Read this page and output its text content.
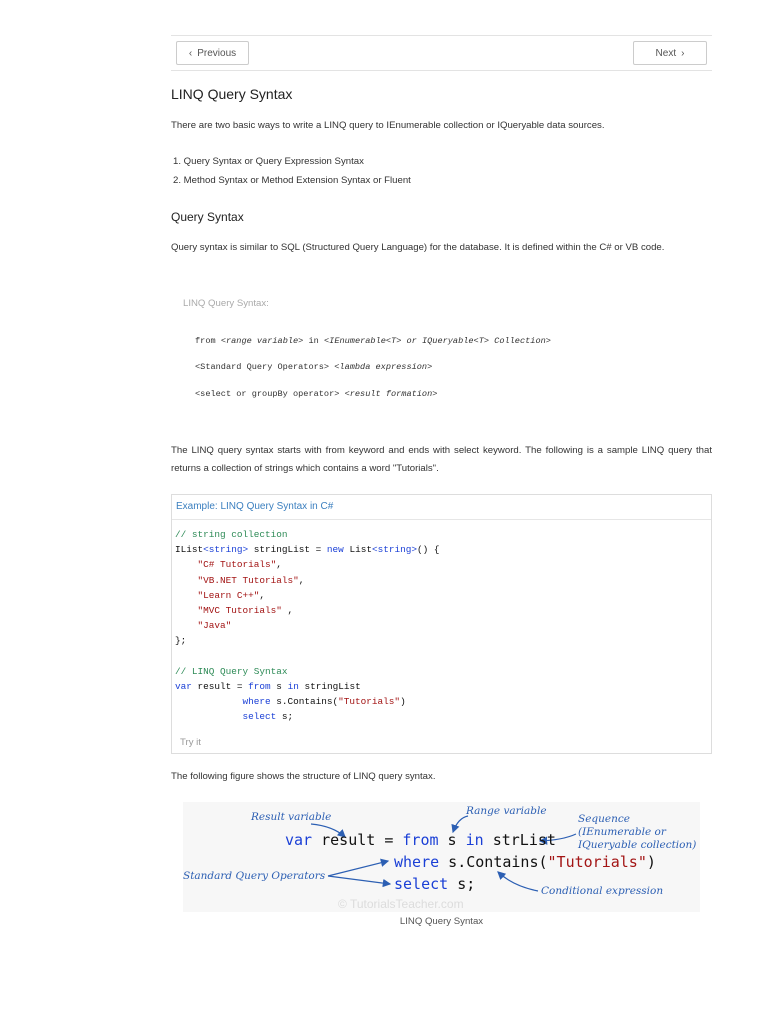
‹ Previous	Next ›
LINQ Query Syntax

There are two basic ways to write a LINQ query to IEnumerable collection or IQueryable data sources.

1. Query Syntax or Query Expression Syntax
2. Method Syntax or Method Extension Syntax or Fluent
Query Syntax

Query syntax is similar to SQL (Structured Query Language) for the database. It is defined within the C# or VB code.

LINQ Query Syntax:
from <range variable> in <IEnumerable<T> or IQueryable<T> Collection>
<Standard Query Operators> <lambda expression>
<select or groupBy operator> <result formation>

The LINQ query syntax starts with from keyword and ends with select keyword. The following is a sample LINQ query that returns a collection of strings which contains a word "Tutorials".

Example: LINQ Query Syntax in C#
// string collection
IList<string> stringList = new List<string>() {
"C# Tutorials",
"VB.NET Tutorials",
"Learn C++",
"MVC Tutorials" ,
"Java"
};

// LINQ Query Syntax
var result = from s in stringList
where s.Contains("Tutorials")
select s;
Try it

The following figure shows the structure of LINQ query syntax.

var result = from s in strList
where s.Contains("Tutorials")
select s;
Result variable	Range variable
Sequence
(IEnumerable or
IQueryable collection)
Standard Query Operators
Conditional expression
© TutorialsTeacher.com
LINQ Query Syntax
